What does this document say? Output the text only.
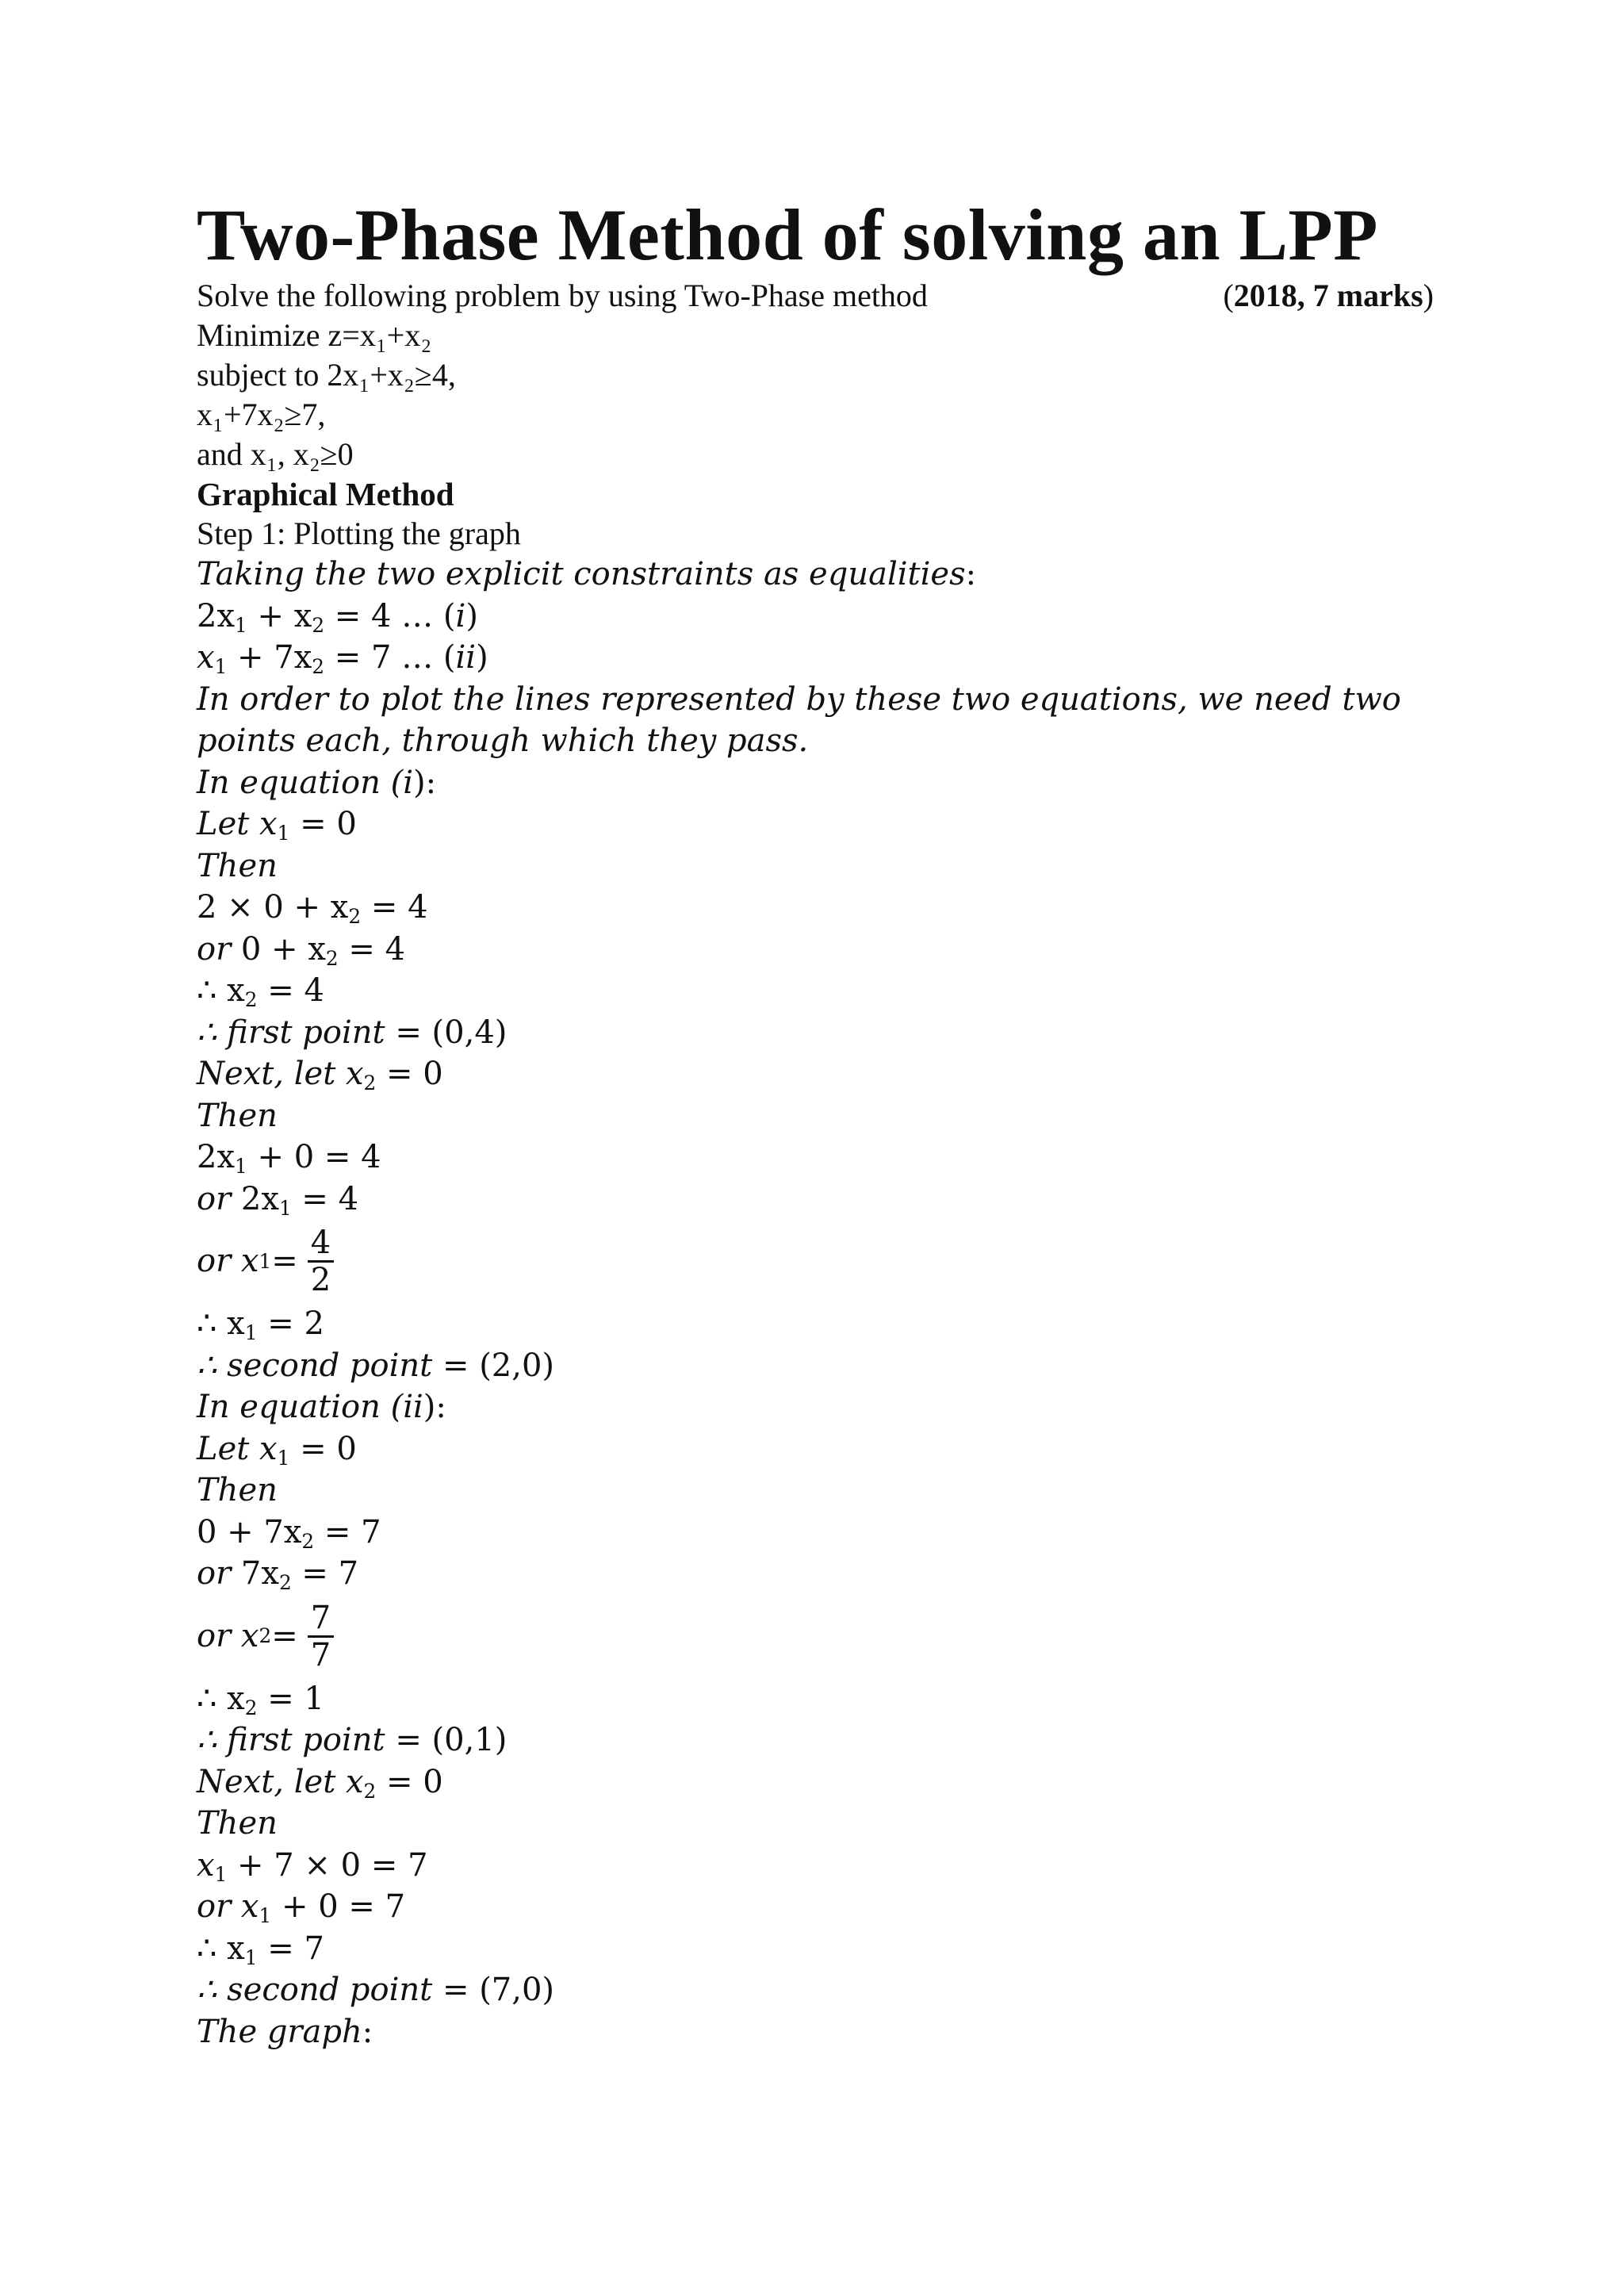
Two-Phase Method of solving an LPP
Solve the following problem by using Two-Phase method	(2018, 7 marks)
Minimize z=x₁+x₂
subject to 2x₁+x₂≥4,
x₁+7x₂≥7,
and x₁, x₂≥0
Graphical Method
Step 1: Plotting the graph
Taking the two explicit constraints as equalities:
$2x_1 + x_2 = 4$ … (i)
$x_1 + 7x_2 = 7$ … (ii)
In order to plot the lines represented by these two equations, we need two
points each, through which they pass.
In equation (i):
Let $x_1 = 0$
Then
$2 \times 0 + x_2 = 4$
or $0 + x_2 = 4$
∴ $x_2 = 4$
∴ first point = (0,4)
Next, let $x_2 = 0$
Then
$2x_1 + 0 = 4$
or $2x_1 = 4$
or x $1 = \frac{4}{2}$
∴ $x_1 = 2$
∴ second point = (2,0)
In equation (ii):
Let $x_1 = 0$
Then
$0 + 7x_2 = 7$
or $7x_2 = 7$
or x $2 = \frac{7}{7}$
∴ $x_2 = 1$
∴ first point = (0,1)
Next, let $x_2 = 0$
Then
$x_1 + 7 \times 0 = 7$
or $x_1 + 0 = 7$
∴ $x_1 = 7$
∴ second point = (7,0)
The graph:
